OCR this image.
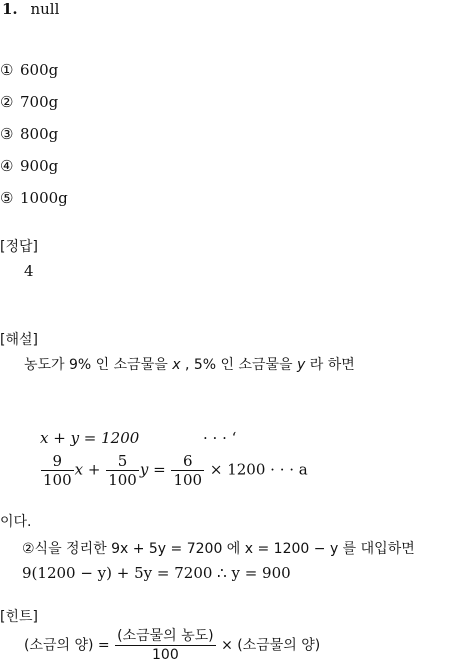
1. null
① 600g
② 700g
③ 800g
④ 900g
⑤ 1000g
[정답]
4
[해설]
농도가 9% 인 소금물을 x , 5% 인 소금물을 y 라 하면
x + y = 1200	· · · ‘
$\frac{9}{100}$ $x + \frac{5}{100}$ $y = \frac{6}{100} \times 1200$ · · · a
이다.
②식을 정리한 9x + 5y = 7200 에 x = 1200 − y 를 대입하면
9(1200 − y) + 5y = 7200 ∴ y = 900
[힌트]
(소금의 양) = $\frac{\text{(소금물의 농도)}}{100}$ × (소금물의 양)
